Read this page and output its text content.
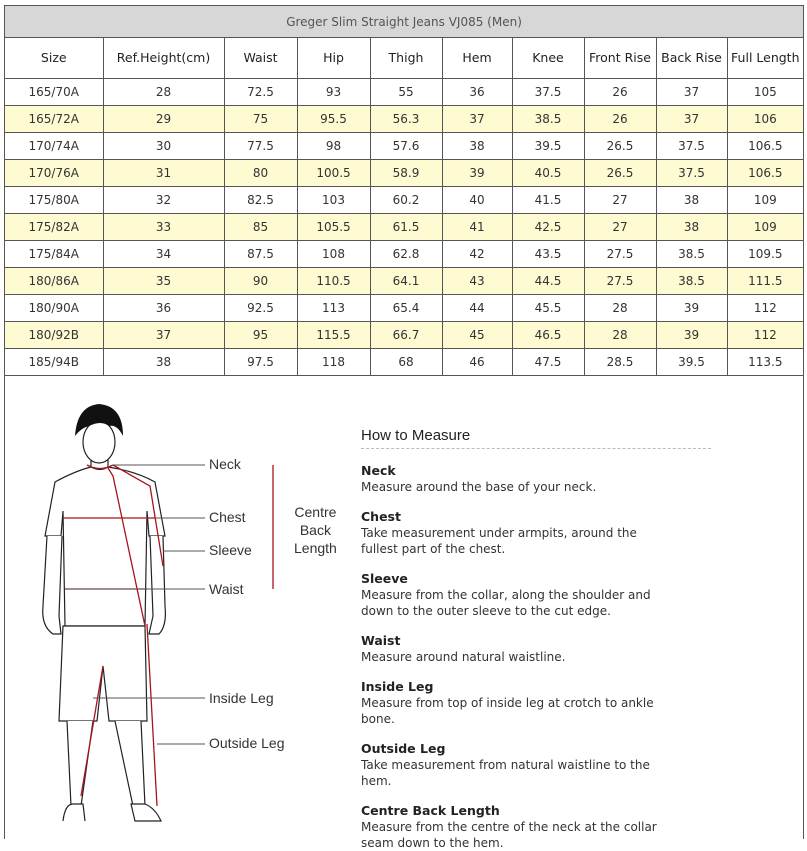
Greger Slim Straight Jeans VJ085 (Men)									
Size	Ref.Height(cm)	Waist	Hip	Thigh	Hem	Knee	Front Rise	Back Rise	Full Length
165/70A	28	72.5	93	55	36	37.5	26	37	105
165/72A	29	75	95.5	56.3	37	38.5	26	37	106
170/74A	30	77.5	98	57.6	38	39.5	26.5	37.5	106.5
170/76A	31	80	100.5	58.9	39	40.5	26.5	37.5	106.5
175/80A	32	82.5	103	60.2	40	41.5	27	38	109
175/82A	33	85	105.5	61.5	41	42.5	27	38	109
175/84A	34	87.5	108	62.8	42	43.5	27.5	38.5	109.5
180/86A	35	90	110.5	64.1	43	44.5	27.5	38.5	111.5
180/90A	36	92.5	113	65.4	44	45.5	28	39	112
180/92B	37	95	115.5	66.7	45	46.5	28	39	112
185/94B	38	97.5	118	68	46	47.5	28.5	39.5	113.5
Neck
Chest
Sleeve
Waist
Inside Leg
Outside Leg
Centre
Back
Length
How to Measure
Neck
Measure around the base of your neck.
Chest
Take measurement under armpits, around the fullest part of the chest.
Sleeve
Measure from the collar, along the shoulder and down to the outer sleeve to the cut edge.
Waist
Measure around natural waistline.
Inside Leg
Measure from top of inside leg at crotch to ankle bone.
Outside Leg
Take measurement from natural waistline to the hem.
Centre Back Length
Measure from the centre of the neck at the collar seam down to the hem.
